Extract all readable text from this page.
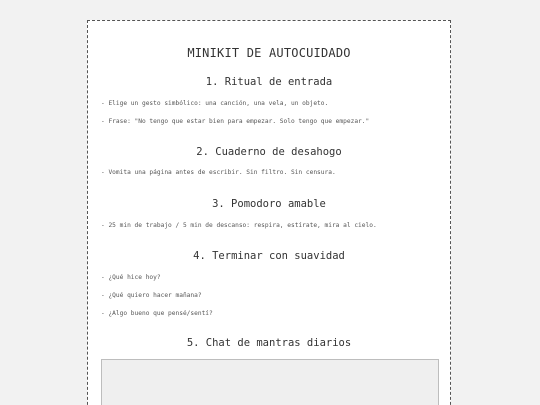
MINIKIT DE AUTOCUIDADO
1. Ritual de entrada

- Elige un gesto simbólico: una canción, una vela, un objeto.

- Frase: "No tengo que estar bien para empezar. Solo tengo que empezar."

2. Cuaderno de desahogo

- Vomita una página antes de escribir. Sin filtro. Sin censura.

3. Pomodoro amable

- 25 min de trabajo / 5 min de descanso: respira, estírate, mira al cielo.

4. Terminar con suavidad

- ¿Qué hice hoy?

- ¿Qué quiero hacer mañana?

- ¿Algo bueno que pensé/sentí?

5. Chat de mantras diarios
